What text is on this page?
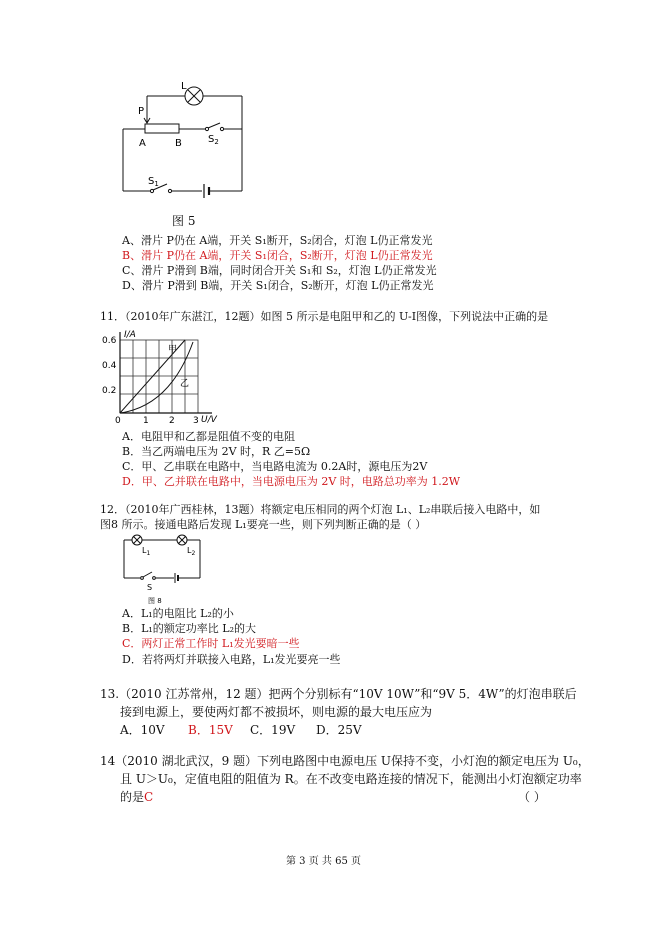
L
P
A	B	$S_2$
$S_1$
图 5
A、滑片 P仍在 A端，开关 S₁断开，S₂闭合，灯泡 L仍正常发光
B、滑片 P仍在 A端，开关 S₁闭合，S₂断开，灯泡 L仍正常发光
C、滑片 P滑到 B端，同时闭合开关 S₁和 S₂，灯泡 L仍正常发光
D、滑片 P滑到 B端，开关 S₁闭合，S₂断开，灯泡 L仍正常发光
11．（2010年广东湛江，12题）如图 5 所示是电阻甲和乙的 U-I图像，下列说法中正确的是
I/A
U/V
0.6
0.4
0.2
0 1 2 3
甲
乙
A．电阻甲和乙都是阻值不变的电阻
B．当乙两端电压为 2V 时，R 乙=5Ω
C．甲、乙串联在电路中，当电路电流为 0.2A时，源电压为2V
D．甲、乙并联在电路中，当电源电压为 2V 时，电路总功率为 1.2W
12．（2010年广西桂林，13题）将额定电压相同的两个灯泡 L₁、L₂串联后接入电路中，如
图8 所示。接通电路后发现 L₁要亮一些，则下列判断正确的是（ ）
$L_1$	$L_2$
S
图 8
A．L₁的电阻比 L₂的小
B．L₁的额定功率比 L₂的大
C．两灯正常工作时 L₁发光要暗一些
D．若将两灯并联接入电路，L₁发光要亮一些
13.（2010 江苏常州，12 题）把两个分别标有“10V 10W”和“9V 5．4W”的灯泡串联后
接到电源上，要使两灯都不被损坏，则电源的最大电压应为
A．10V B．15V C．19V D．25V
14（2010 湖北武汉，9 题）下列电路图中电源电压 U保持不变，小灯泡的额定电压为 U₀，
且 U＞U₀，定值电阻的阻值为 R。在不改变电路连接的情况下，能测出小灯泡额定功率
的是C	（ ）
第 3 页 共 65 页
